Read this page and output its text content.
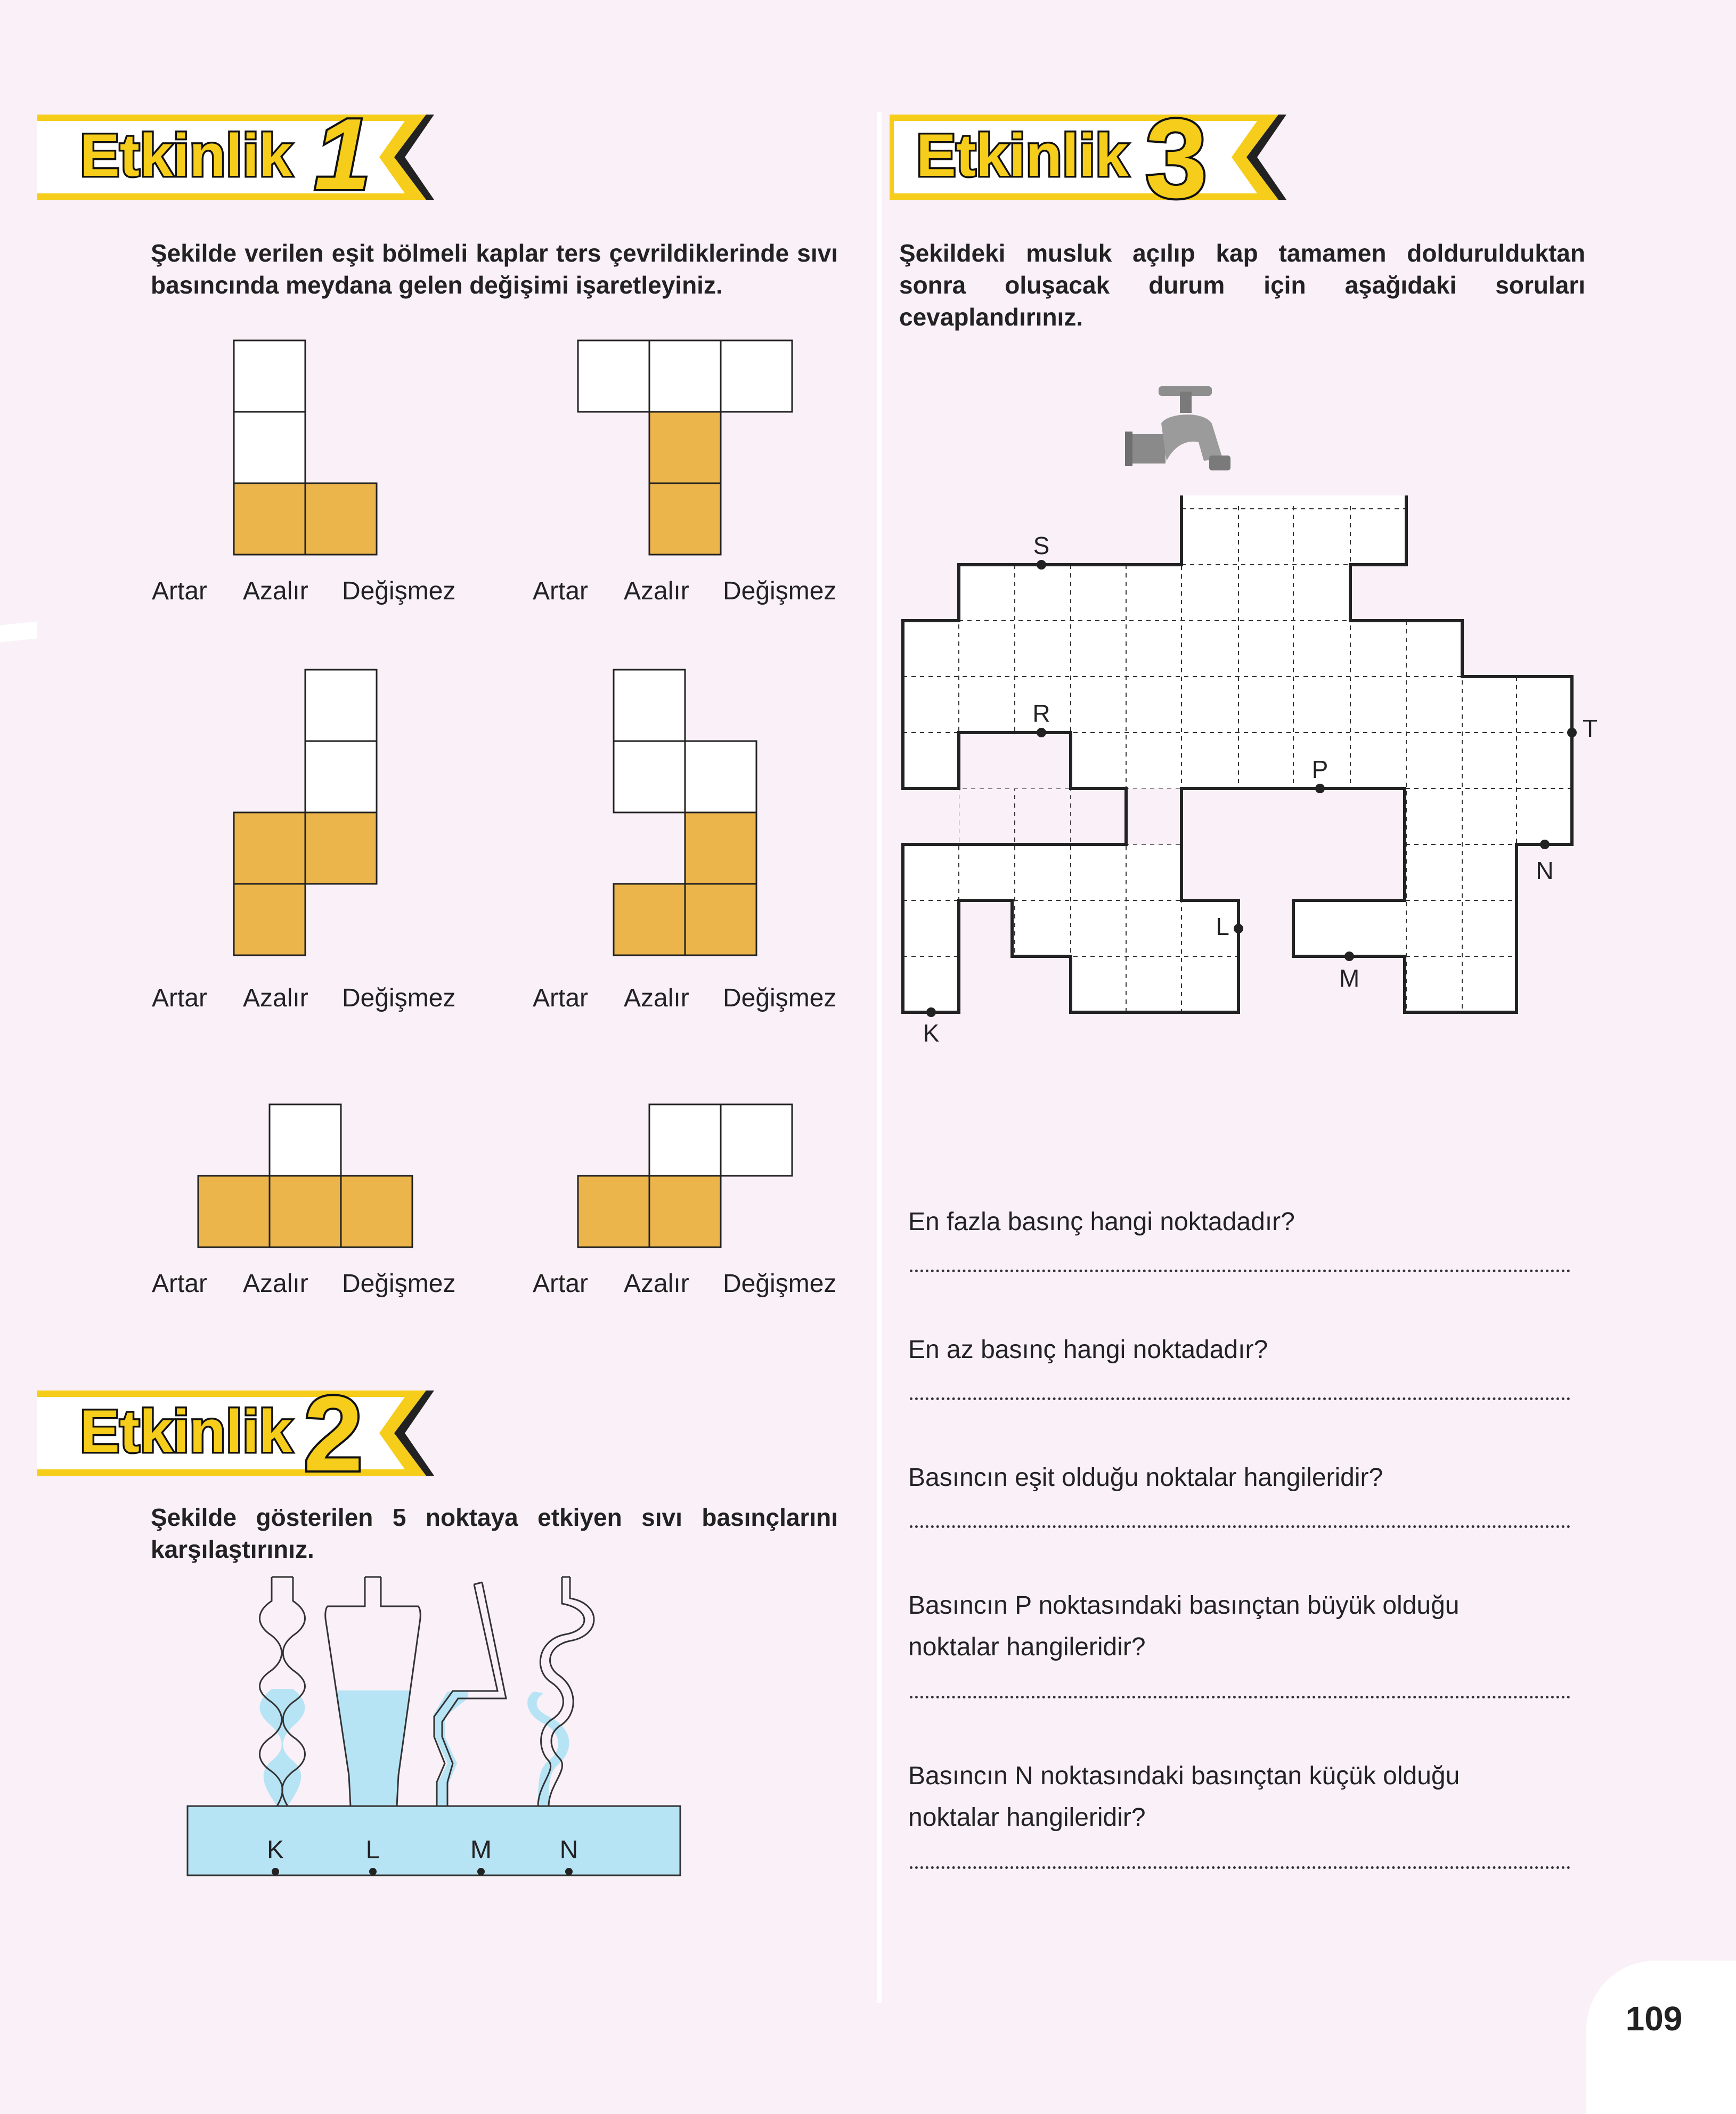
Etkinlik 1	Etkinlik 3
Etkinlik 2
Şekilde verilen eşit bölmeli kaplar ters çevrildiklerinde sıvı basıncında meydana gelen değişimi işaretleyiniz.
Artar Azalır Değişmez	Artar Azalır Değişmez
Artar Azalır Değişmez	Artar Azalır Değişmez
Artar Azalır Değişmez	Artar Azalır Değişmez
Şekilde gösterilen 5 noktaya etkiyen sıvı basınçlarını karşılaştırınız.
K	L	M	N
Şekildeki musluk açılıp kap tamamen doldurulduktan sonra oluşacak durum için aşağıdaki soruları cevaplandırınız.
S
R
T
P
N
L
M
K
En fazla basınç hangi noktadadır?
En az basınç hangi noktadadır?
Basıncın eşit olduğu noktalar hangileridir?
Basıncın P noktasındaki basınçtan büyük olduğu noktalar hangileridir?
Basıncın N noktasındaki basınçtan küçük olduğu noktalar hangileridir?
109
